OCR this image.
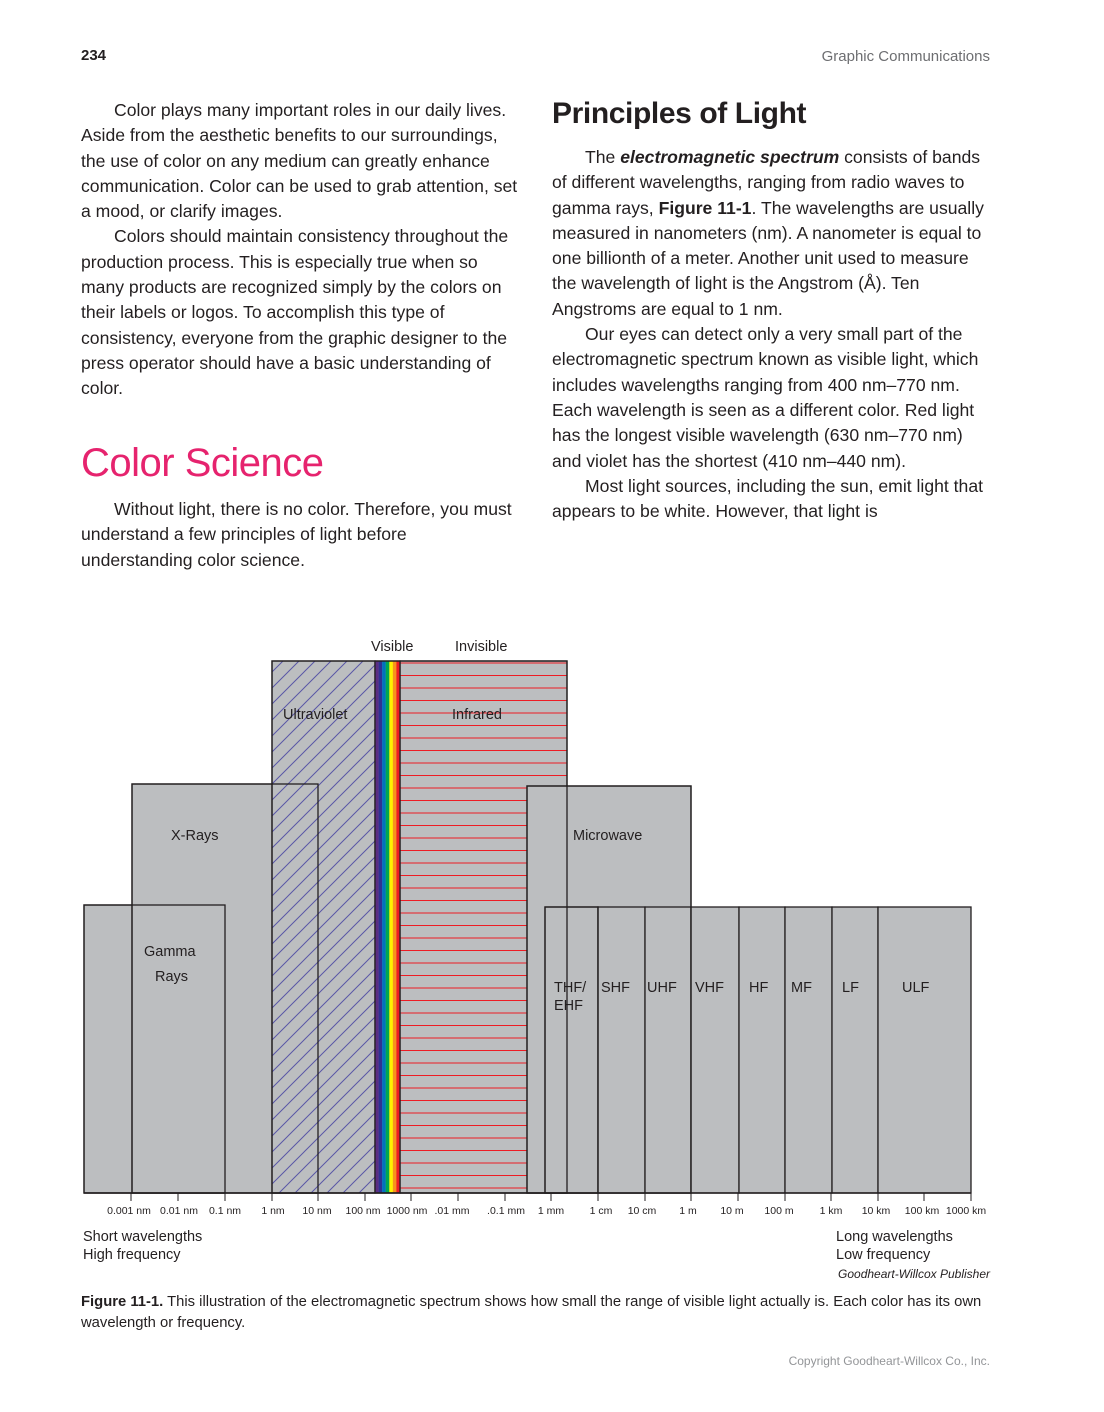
234	Graphic Communications

Color plays many important roles in our daily lives. Aside from the aesthetic benefits to our surroundings, the use of color on any medium can greatly enhance communication. Color can be used to grab attention, set a mood, or clarify images.

Colors should maintain consistency throughout the production process. This is especially true when so many products are recognized simply by the colors on their labels or logos. To accomplish this type of consistency, everyone from the graphic designer to the press operator should have a basic understanding of color.

Color Science

Without light, there is no color. Therefore, you must understand a few principles of light before understanding color science.

Principles of Light

The electromagnetic spectrum consists of bands of different wavelengths, ranging from radio waves to gamma rays, Figure 11-1. The wavelengths are usually measured in nanometers (nm). A nanometer is equal to one billionth of a meter. Another unit used to measure the wavelength of light is the Angstrom (Å). Ten Angstroms are equal to 1 nm.

Our eyes can detect only a very small part of the electromagnetic spectrum known as visible light, which includes wavelengths ranging from 400 nm–770 nm. Each wavelength is seen as a different color. Red light has the longest visible wavelength (630 nm–770 nm) and violet has the shortest (410 nm–440 nm).

Most light sources, including the sun, emit light that appears to be white. However, that light is

0.001 nm 0.01 nm 0.1 nm 1 nm 10 nm 100 nm 1000 nm .01 mm .0.1 mm 1 mm 1 cm 10 cm 1 m 10 m 100 m 1 km 10 km 100 km 1000 km
Visible	Invisible
Gamma
Rays
X-Rays
Ultraviolet	Infrared
Microwave
THF/
EHF
SHF UHF VHF HF MF LF	ULF
Short wavelengths
High frequency
Long wavelengths
Low frequency
Goodheart-Willcox Publisher
Figure 11-1. This illustration of the electromagnetic spectrum shows how small the range of visible light actually is. Each color has its own wavelength or frequency.
Copyright Goodheart-Willcox Co., Inc.
